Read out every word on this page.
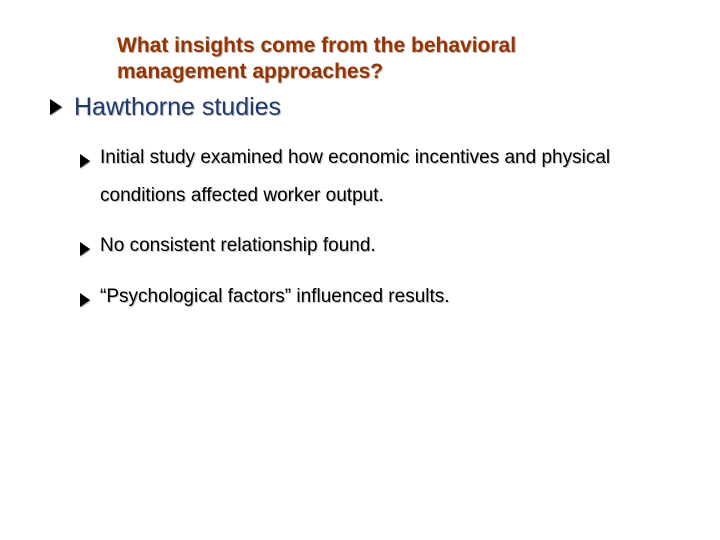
What insights come from the behavioral management approaches?
Hawthorne studies
Initial study examined how economic incentives and physical conditions affected worker output.
No consistent relationship found.
“Psychological factors” influenced results.
